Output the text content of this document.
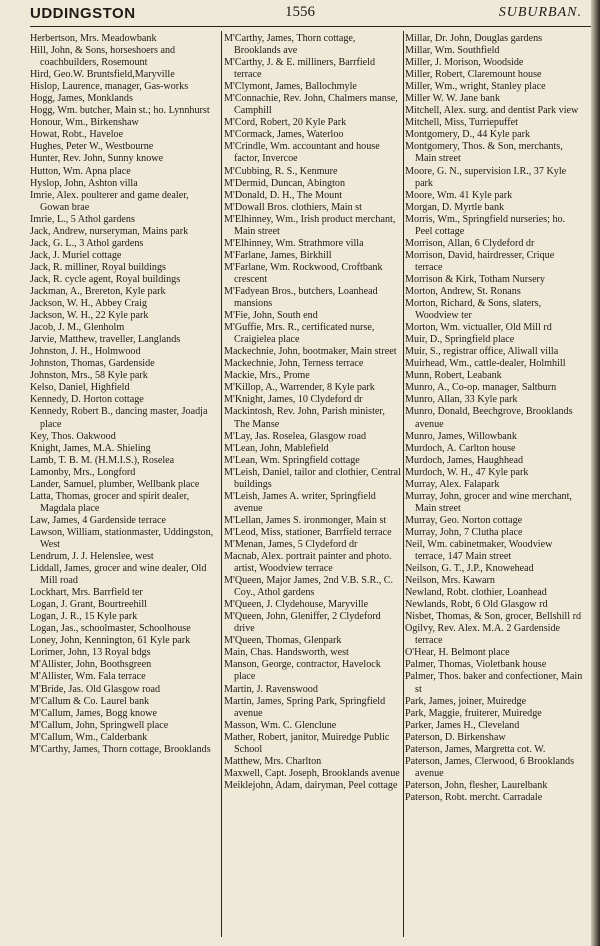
1556
UDDINGSTON	SUBURBAN.

Herbertson, Mrs. Meadowbank

Hill, John, & Sons, horseshoers and coachbuilders, Rosemount

Hird, Geo.W. Bruntsfield,Maryville

Hislop, Laurence, manager, Gas-works

Hogg, James, Monklands

Hogg, Wm. butcher, Main st.; ho. Lynnhurst

Honour, Wm., Birkenshaw

Howat, Robt., Haveloe

Hughes, Peter W., Westbourne

Hunter, Rev. John, Sunny knowe

Hutton, Wm. Apna place

Hyslop, John, Ashton villa

Imrie, Alex. poulterer and game dealer, Gowan brae

Imrie, L., 5 Athol gardens

Jack, Andrew, nurseryman, Mains park

Jack, G. L., 3 Athol gardens

Jack, J. Muriel cottage

Jack, R. milliner, Royal buildings

Jack, R. cycle agent, Royal buildings

Jackman, A., Brereton, Kyle park

Jackson, W. H., Abbey Craig

Jackson, W. H., 22 Kyle park

Jacob, J. M., Glenholm

Jarvie, Matthew, traveller, Langlands

Johnston, J. H., Holmwood

Johnston, Thomas, Gardenside

Johnston, Mrs., 58 Kyle park

Kelso, Daniel, Highfield

Kennedy, D. Horton cottage

Kennedy, Robert B., dancing master, Joadja place

Key, Thos. Oakwood

Knight, James, M.A. Shieling

Lamb, T. B. M. (H.M.I.S.), Roselea

Lamonby, Mrs., Longford

Lander, Samuel, plumber, Wellbank place

Latta, Thomas, grocer and spirit dealer, Magdala place

Law, James, 4 Gardenside terrace

Lawson, William, stationmaster, Uddingston, West

Lendrum, J. J. Helenslee, west

Liddall, James, grocer and wine dealer, Old Mill road

Lockhart, Mrs. Barrfield ter

Logan, J. Grant, Bourtreehill

Logan, J. R., 15 Kyle park

Logan, Jas., schoolmaster, Schoolhouse

Loney, John, Kennington, 61 Kyle park

Lorimer, John, 13 Royal bdgs

M'Allister, John, Boothsgreen

M'Allister, Wm. Fala terrace

M'Bride, Jas. Old Glasgow road

M'Callum & Co. Laurel bank

M'Callum, James, Bogg knowe

M'Callum, John, Springwell place

M'Callum, Wm., Calderbank

M'Carthy, James, Thorn cottage, Brooklands

M'Carthy, James, Thorn cottage, Brooklands ave

M'Carthy, J. & E. milliners, Barrfield terrace

M'Clymont, James, Ballochmyle

M'Connachie, Rev. John, Chalmers manse, Camphill

M'Cord, Robert, 20 Kyle Park

M'Cormack, James, Waterloo

M'Crindle, Wm. accountant and house factor, Invercoe

M'Cubbing, R. S., Kenmure

M'Dermid, Duncan, Abington

M'Donald, D. H., The Mount

M'Dowall Bros. clothiers, Main st

M'Elhinney, Wm., Irish product merchant, Main street

M'Elhinney, Wm. Strathmore villa

M'Farlane, James, Birkhill

M'Farlane, Wm. Rockwood, Croftbank crescent

M'Fadyean Bros., butchers, Loanhead mansions

M'Fie, John, South end

M'Guffie, Mrs. R., certificated nurse, Craigielea place

Mackechnie, John, bootmaker, Main street

Mackechnie, John, Terness terrace

Mackie, Mrs., Prome

M'Killop, A., Warrender, 8 Kyle park

M'Knight, James, 10 Clydeford dr

Mackintosh, Rev. John, Parish minister, The Manse

M'Lay, Jas. Roselea, Glasgow road

M'Lean, John, Mablefield

M'Lean, Wm. Springfield cottage

M'Leish, Daniel, tailor and clothier, Central buildings

M'Leish, James A. writer, Springfield avenue

M'Lellan, James S. ironmonger, Main st

M'Leod, Miss, stationer, Barrfield terrace

M'Menan, James, 5 Clydeford dr

Macnab, Alex. portrait painter and photo. artist, Woodview terrace

M'Queen, Major James, 2nd V.B. S.R., C. Coy., Athol gardens

M'Queen, J. Clydehouse, Maryville

M'Queen, John, Gleniffer, 2 Clydeford drive

M'Queen, Thomas, Glenpark

Main, Chas. Handsworth, west

Manson, George, contractor, Havelock place

Martin, J. Ravenswood

Martin, James, Spring Park, Springfield avenue

Masson, Wm. C. Glenclune

Mather, Robert, janitor, Muiredge Public School

Matthew, Mrs. Charlton

Maxwell, Capt. Joseph, Brooklands avenue

Meiklejohn, Adam, dairyman, Peel cottage

Millar, Dr. John, Douglas gardens

Millar, Wm. Southfield

Miller, J. Morison, Woodside

Miller, Robert, Claremount house

Miller, Wm., wright, Stanley place

Miller W. W. Jane bank

Mitchell, Alex. surg. and dentist Park view

Mitchell, Miss, Turriepuffet

Montgomery, D., 44 Kyle park

Montgomery, Thos. & Son, merchants, Main street

Moore, G. N., supervision I.R., 37 Kyle park

Moore, Wm. 41 Kyle park

Morgan, D. Myrtle bank

Morris, Wm., Springfield nurseries; ho. Peel cottage

Morrison, Allan, 6 Clydeford dr

Morrison, David, hairdresser, Crique terrace

Morrison & Kirk, Totham Nursery

Morton, Andrew, St. Ronans

Morton, Richard, & Sons, slaters, Woodview ter

Morton, Wm. victualler, Old Mill rd

Muir, D., Springfield place

Muir, S., registrar office, Aliwall villa

Muirhead, Wm., cattle-dealer, Holmhill

Munn, Robert, Leabank

Munro, A., Co-op. manager, Saltburn

Munro, Allan, 33 Kyle park

Munro, Donald, Beechgrove, Brooklands avenue

Munro, James, Willowbank

Murdoch, A. Carlton house

Murdoch, James, Haughhead

Murdoch, W. H., 47 Kyle park

Murray, Alex. Falapark

Murray, John, grocer and wine merchant, Main street

Murray, Geo. Norton cottage

Murray, John, 7 Clutha place

Neil, Wm. cabinetmaker, Woodview terrace, 147 Main street

Neilson, G. T., J.P., Knowehead

Neilson, Mrs. Kawarn

Newland, Robt. clothier, Loanhead

Newlands, Robt, 6 Old Glasgow rd

Nisbet, Thomas, & Son, grocer, Bellshill rd

Ogilvy, Rev. Alex. M.A. 2 Gardenside terrace

O'Hear, H. Belmont place

Palmer, Thomas, Violetbank house

Palmer, Thos. baker and confectioner, Main st

Park, James, joiner, Muiredge

Park, Maggie, fruiterer, Muiredge

Parker, James H., Cleveland

Paterson, D. Birkenshaw

Paterson, James, Margretta cot. W.

Paterson, James, Clerwood, 6 Brooklands avenue

Paterson, John, flesher, Laurelbank

Paterson, Robt. mercht. Carradale
